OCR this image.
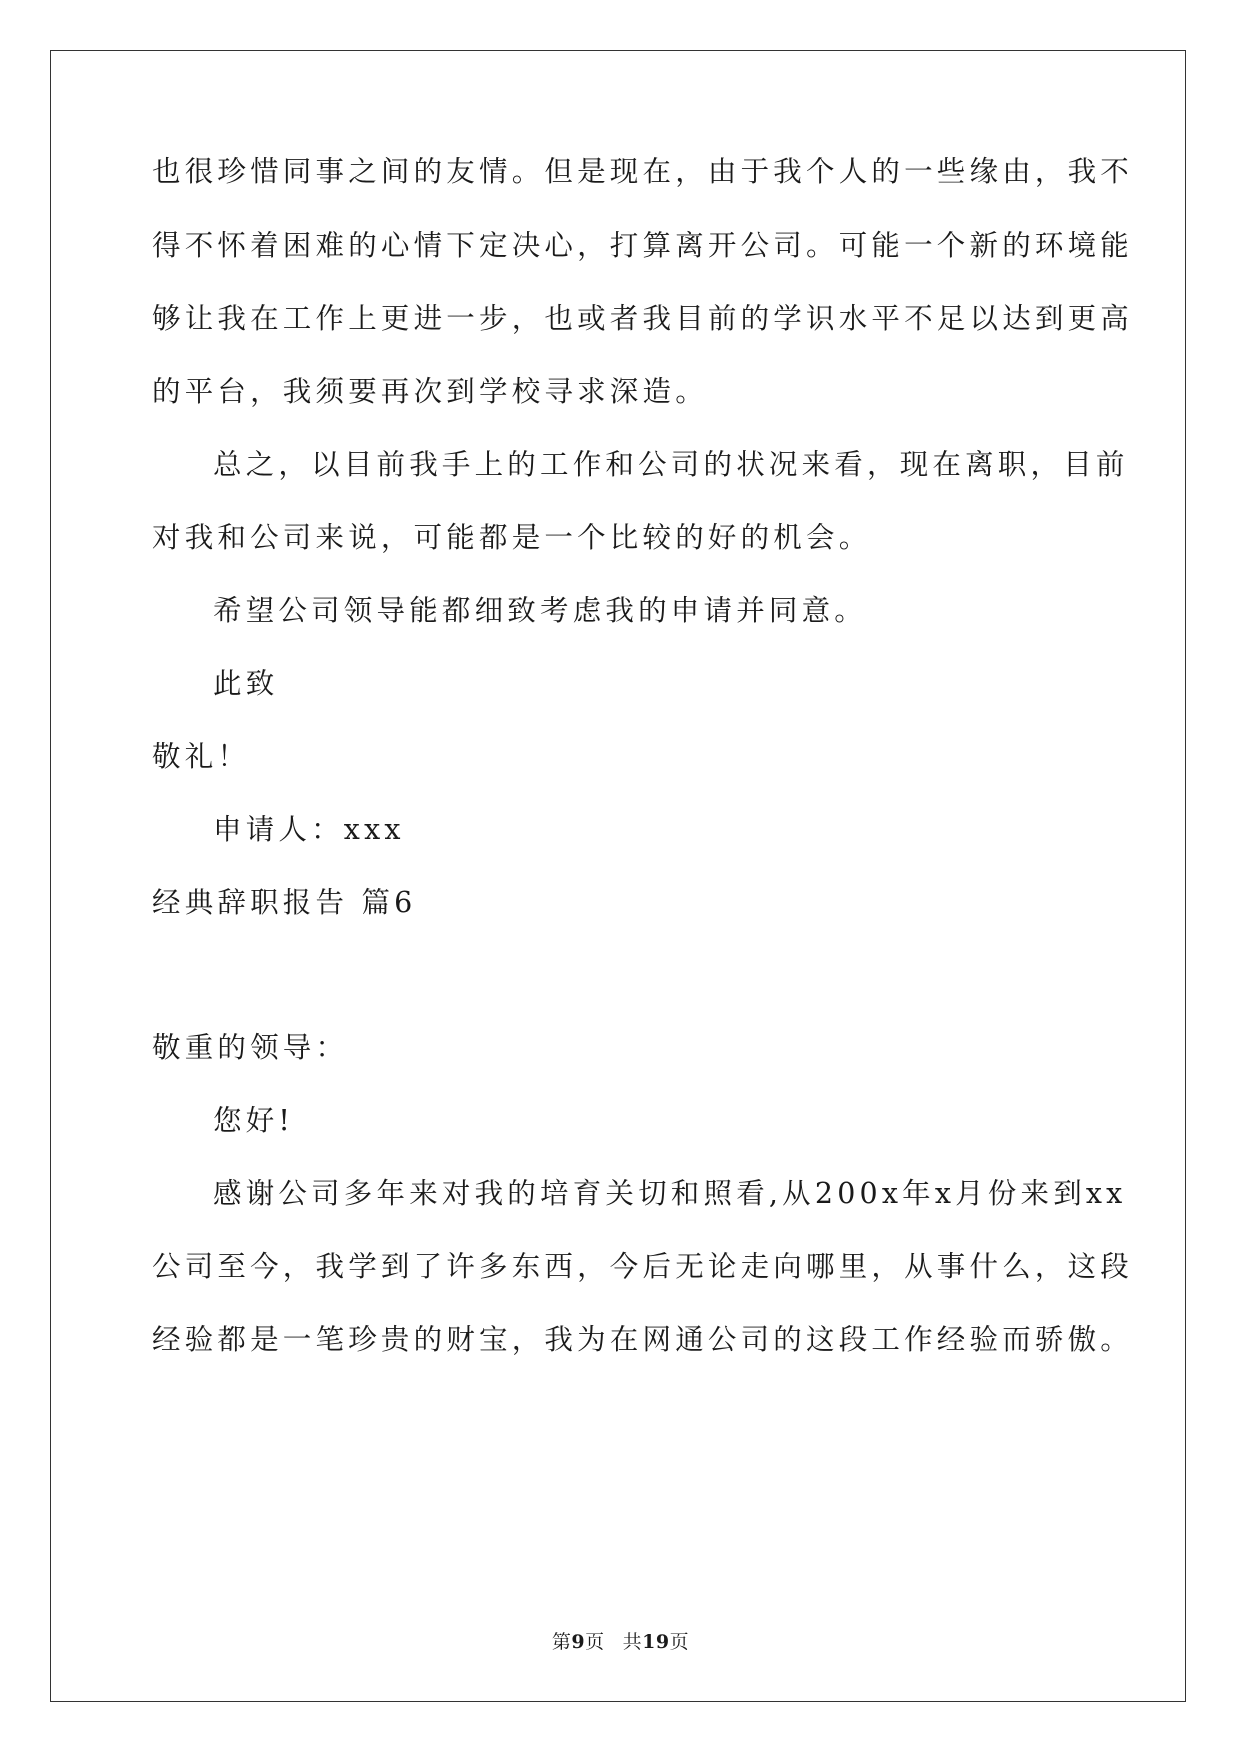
也很珍惜同事之间的友情。但是现在，由于我个人的一些缘由，我不
得不怀着困难的心情下定决心，打算离开公司。可能一个新的环境能
够让我在工作上更进一步，也或者我目前的学识水平不足以达到更高
的平台，我须要再次到学校寻求深造。
总之，以目前我手上的工作和公司的状况来看，现在离职，目前
对我和公司来说，可能都是一个比较的好的机会。
希望公司领导能都细致考虑我的申请并同意。
此致
敬礼！
申请人：xxx
经典辞职报告 篇6
敬重的领导：
您好!
感谢公司多年来对我的培育关切和照看,从200x年x月份来到xx
公司至今，我学到了许多东西，今后无论走向哪里，从事什么，这段
经验都是一笔珍贵的财宝，我为在网通公司的这段工作经验而骄傲。
第9页 共19页
